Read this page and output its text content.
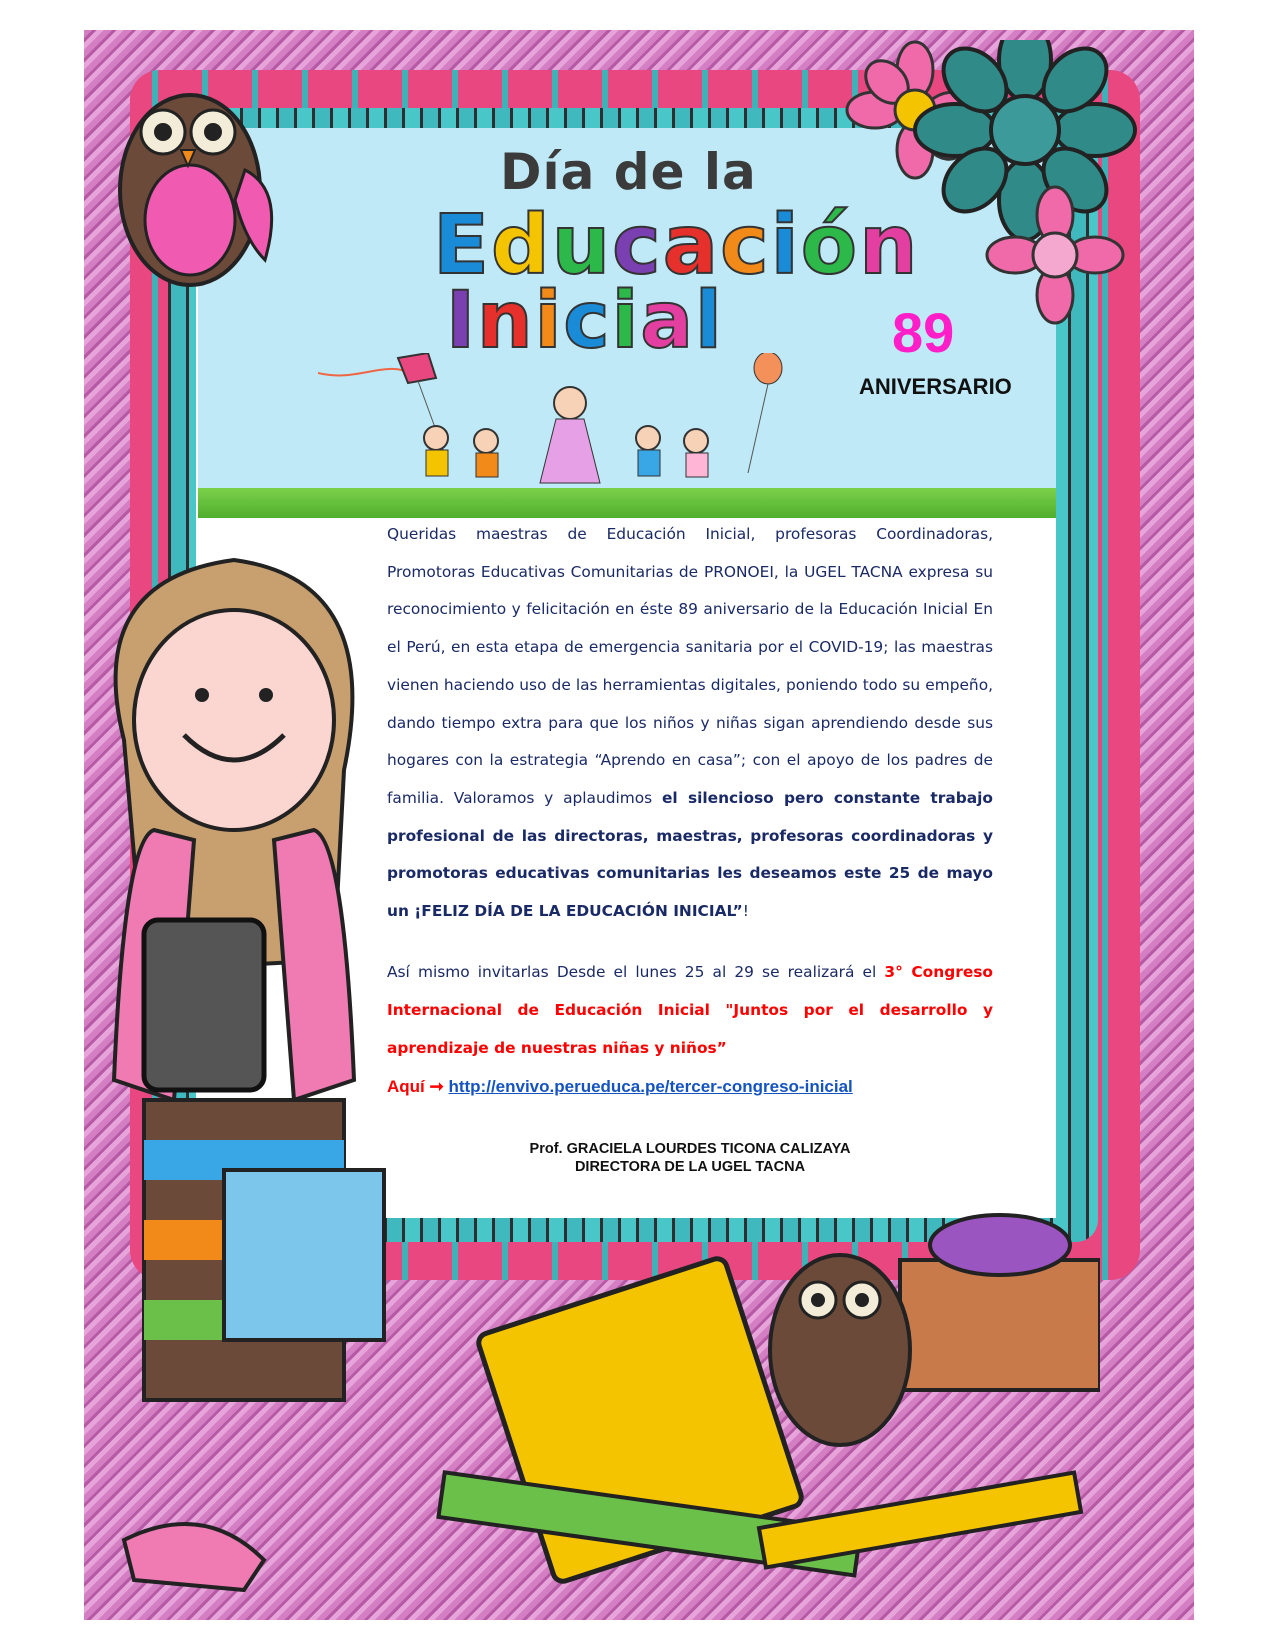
Día de la
Educación
Inicial	89
ANIVERSARIO

Queridas maestras de Educación Inicial, profesoras Coordinadoras, Promotoras Educativas Comunitarias de PRONOEI, la UGEL TACNA expresa su reconocimiento y felicitación en éste 89 aniversario de la Educación Inicial En el Perú, en esta etapa de emergencia sanitaria por el COVID-19; las maestras vienen haciendo uso de las herramientas digitales, poniendo todo su empeño, dando tiempo extra para que los niños y niñas sigan aprendiendo desde sus hogares con la estrategia “Aprendo en casa”; con el apoyo de los padres de familia. Valoramos y aplaudimos el silencioso pero constante trabajo profesional de las directoras, maestras, profesoras coordinadoras y promotoras educativas comunitarias les deseamos este 25 de mayo un ¡FELIZ DÍA DE LA EDUCACIÓN INICIAL”!

Así mismo invitarlas Desde el lunes 25 al 29 se realizará el 3° Congreso Internacional de Educación Inicial "Juntos por el desarrollo y aprendizaje de nuestras niñas y niños”

Aquí ➞ http://envivo.perueduca.pe/tercer-congreso-inicial
Prof. GRACIELA LOURDES TICONA CALIZAYA
DIRECTORA DE LA UGEL TACNA
